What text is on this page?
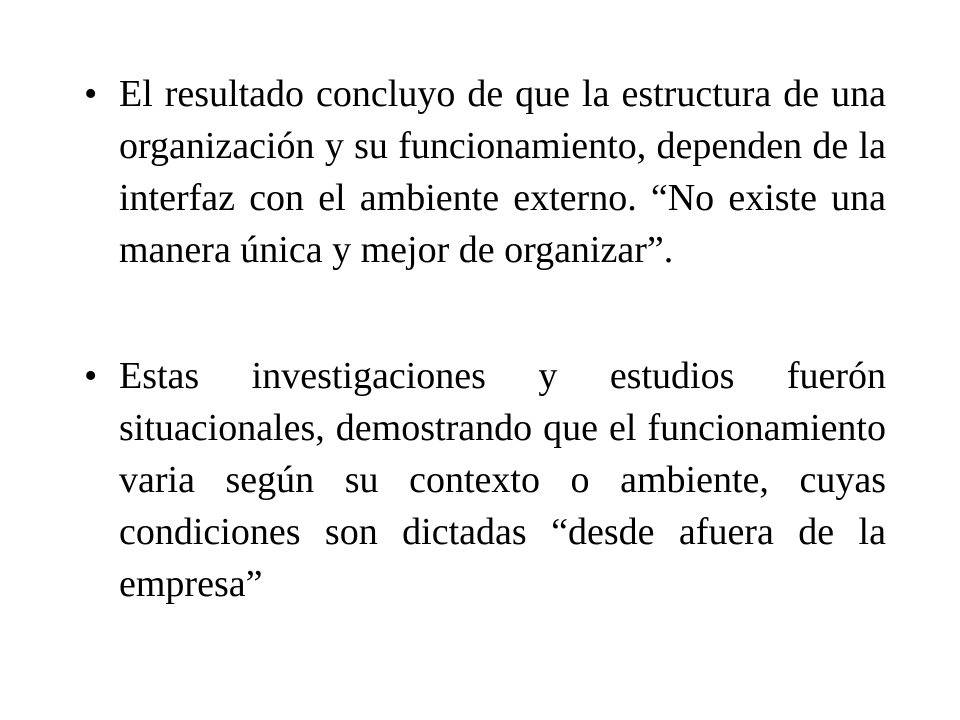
• El resultado concluyo de que la estructura de una organización y su funcionamiento, dependen de la interfaz con el ambiente externo. “No existe una manera única y mejor de organizar”.
• Estas investigaciones y estudios fuerón situacionales, demostrando que el funcionamiento varia según su contexto o ambiente, cuyas condiciones son dictadas “desde afuera de la empresa”
